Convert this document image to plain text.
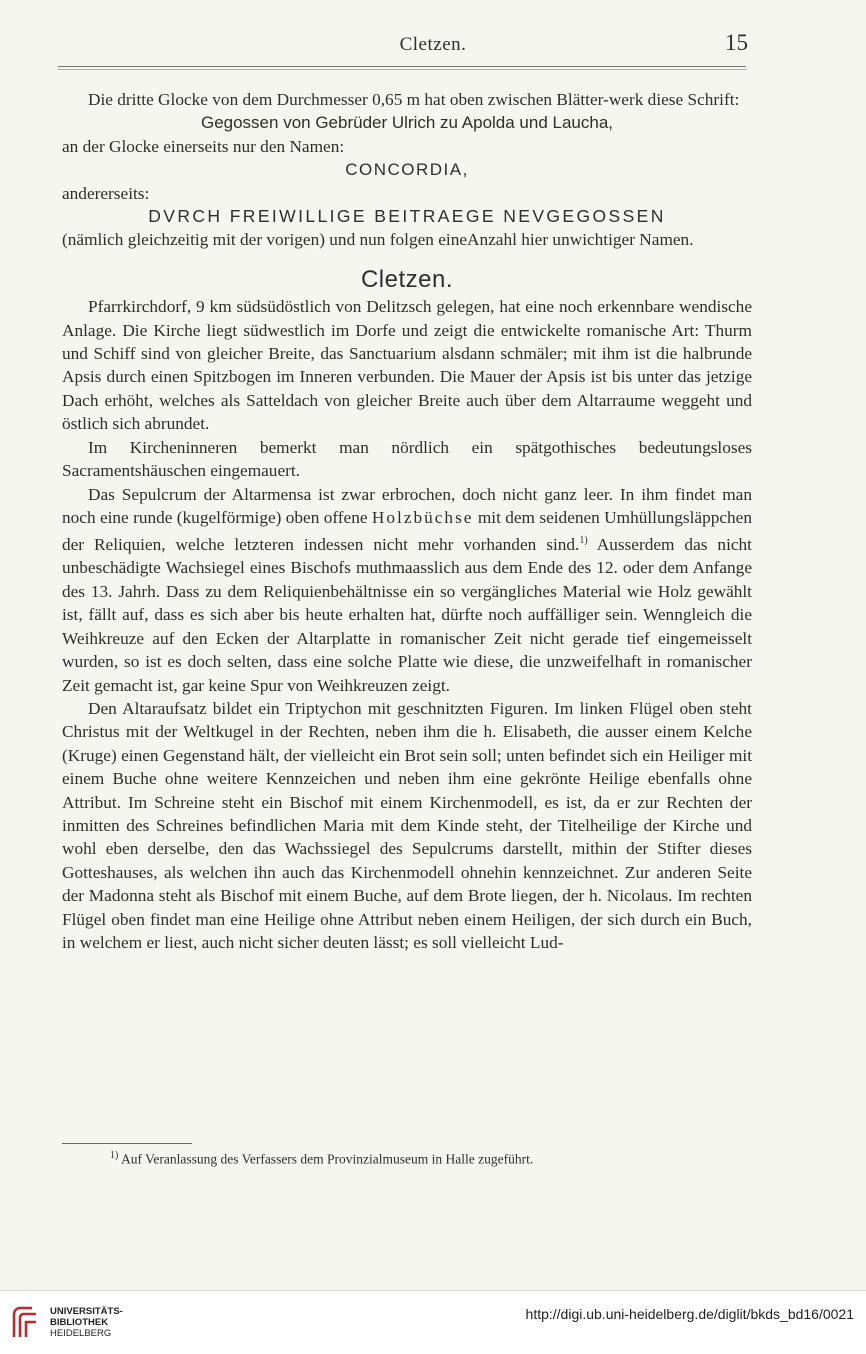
Cletzen.	15

Die dritte Glocke von dem Durchmesser 0,65 m hat oben zwischen Blätter-werk diese Schrift:

Gegossen von Gebrüder Ulrich zu Apolda und Laucha,

an der Glocke einerseits nur den Namen:

CONCORDIA,

andererseits:

DVRCH FREIWILLIGE BEITRAEGE NEVGEGOSSEN

(nämlich gleichzeitig mit der vorigen) und nun folgen eineAnzahl hier unwichtiger Namen.

Cletzen.

Pfarrkirchdorf, 9 km südsüdöstlich von Delitzsch gelegen, hat eine noch erkennbare wendische Anlage. Die Kirche liegt südwestlich im Dorfe und zeigt die entwickelte romanische Art: Thurm und Schiff sind von gleicher Breite, das Sanctuarium alsdann schmäler; mit ihm ist die halbrunde Apsis durch einen Spitzbogen im Inneren verbunden. Die Mauer der Apsis ist bis unter das jetzige Dach erhöht, welches als Satteldach von gleicher Breite auch über dem Altarraume weggeht und östlich sich abrundet.

Im Kircheninneren bemerkt man nördlich ein spätgothisches bedeutungsloses Sacramentshäuschen eingemauert.

Das Sepulcrum der Altarmensa ist zwar erbrochen, doch nicht ganz leer. In ihm findet man noch eine runde (kugelförmige) oben offene Holzbüchse mit dem seidenen Umhüllungsläppchen der Reliquien, welche letzteren indessen nicht mehr vorhanden sind.$^{1)}$ Ausserdem das nicht unbeschädigte Wachsiegel eines Bischofs muthmaasslich aus dem Ende des 12. oder dem Anfange des 13. Jahrh. Dass zu dem Reliquienbehältnisse ein so vergängliches Material wie Holz gewählt ist, fällt auf, dass es sich aber bis heute erhalten hat, dürfte noch auffälliger sein. Wenngleich die Weihkreuze auf den Ecken der Altarplatte in romanischer Zeit nicht gerade tief eingemeisselt wurden, so ist es doch selten, dass eine solche Platte wie diese, die unzweifelhaft in romanischer Zeit gemacht ist, gar keine Spur von Weihkreuzen zeigt.

Den Altaraufsatz bildet ein Triptychon mit geschnitzten Figuren. Im linken Flügel oben steht Christus mit der Weltkugel in der Rechten, neben ihm die h. Elisabeth, die ausser einem Kelche (Kruge) einen Gegenstand hält, der vielleicht ein Brot sein soll; unten befindet sich ein Heiliger mit einem Buche ohne weitere Kennzeichen und neben ihm eine gekrönte Heilige ebenfalls ohne Attribut. Im Schreine steht ein Bischof mit einem Kirchenmodell, es ist, da er zur Rechten der inmitten des Schreines befindlichen Maria mit dem Kinde steht, der Titelheilige der Kirche und wohl eben derselbe, den das Wachssiegel des Sepulcrums darstellt, mithin der Stifter dieses Gotteshauses, als welchen ihn auch das Kirchenmodell ohnehin kennzeichnet. Zur anderen Seite der Madonna steht als Bischof mit einem Buche, auf dem Brote liegen, der h. Nicolaus. Im rechten Flügel oben findet man eine Heilige ohne Attribut neben einem Heiligen, der sich durch ein Buch, in welchem er liest, auch nicht sicher deuten lässt; es soll vielleicht Lud-

$^{1)}$ Auf Veranlassung des Verfassers dem Provinzialmuseum in Halle zugeführt.
UNIVERSITÄTS-
BIBLIOTHEK
HEIDELBERG
http://digi.ub.uni-heidelberg.de/diglit/bkds_bd16/0021
